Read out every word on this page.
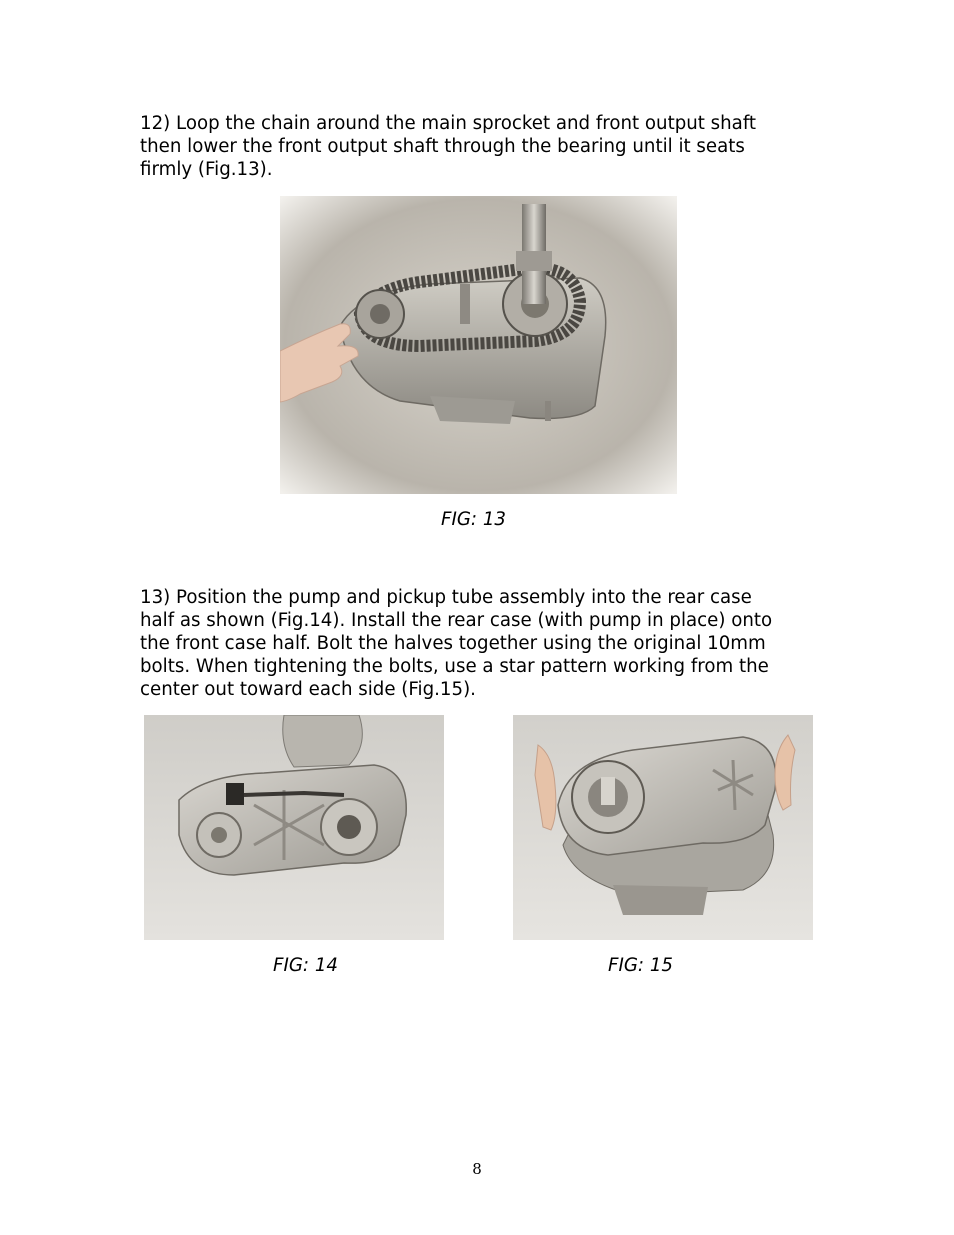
12) Loop the chain around the main sprocket and front output shaft
then lower the front output shaft through the bearing until it seats
firmly (Fig.13).

FIG: 13

13) Position the pump and pickup tube assembly into the rear case
half as shown (Fig.14). Install the rear case (with pump in place) onto
the front case half. Bolt the halves together using the original 10mm
bolts. When tightening the bolts, use a star pattern working from the
center out toward each side (Fig.15).

FIG: 14	FIG: 15
8
